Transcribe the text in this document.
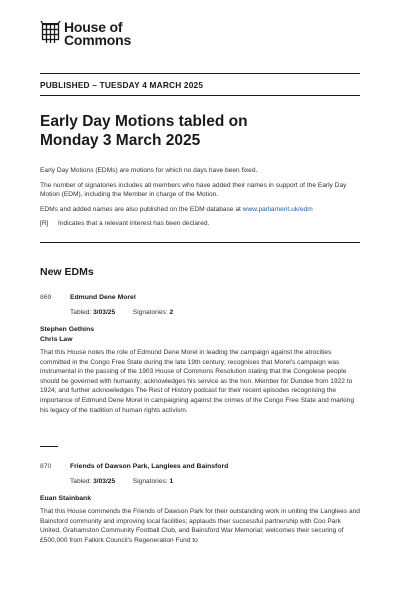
House of
Commons
PUBLISHED – TUESDAY 4 MARCH 2025
Early Day Motions tabled on
Monday 3 March 2025

Early Day Motions (EDMs) are motions for which no days have been fixed.

The number of signatories includes all members who have added their names in support of the Early Day Motion (EDM), including the Member in charge of the Motion.

EDMs and added names are also published on the EDM database at www.parliament.uk/edm

[R] Indicates that a relevant interest has been declared.

New EDMs
869	Edmund Dene Morel
Tabled: 3/03/25	Signatories: 2
Stephen Gethins
Chris Law
That this House notes the role of Edmund Dene Morel in leading the campaign against the atrocities committed in the Congo Free State during the late 19th century; recognises that Morel’s campaign was instrumental in the passing of the 1903 House of Commons Resolution stating that the Congolese people should be governed with humanity; acknowledges his service as the hon. Member for Dundee from 1922 to 1924; and further acknowledges The Rest of History podcast for their recent episodes recognising the importance of Edmund Dene Morel in campaigning against the crimes of the Congo Free State and marking his legacy of the tradition of human rights activism.
870	Friends of Dawson Park, Langlees and Bainsford
Tabled: 3/03/25	Signatories: 1
Euan Stainbank
That this House commends the Friends of Dawson Park for their outstanding work in uniting the Langlees and Bainsford community and improving local facilities; applauds their successful partnership with Coo Park United, Grahamston Community Football Club, and Bainsford War Memorial; welcomes their securing of £500,000 from Falkirk Council’s Regeneration Fund to
